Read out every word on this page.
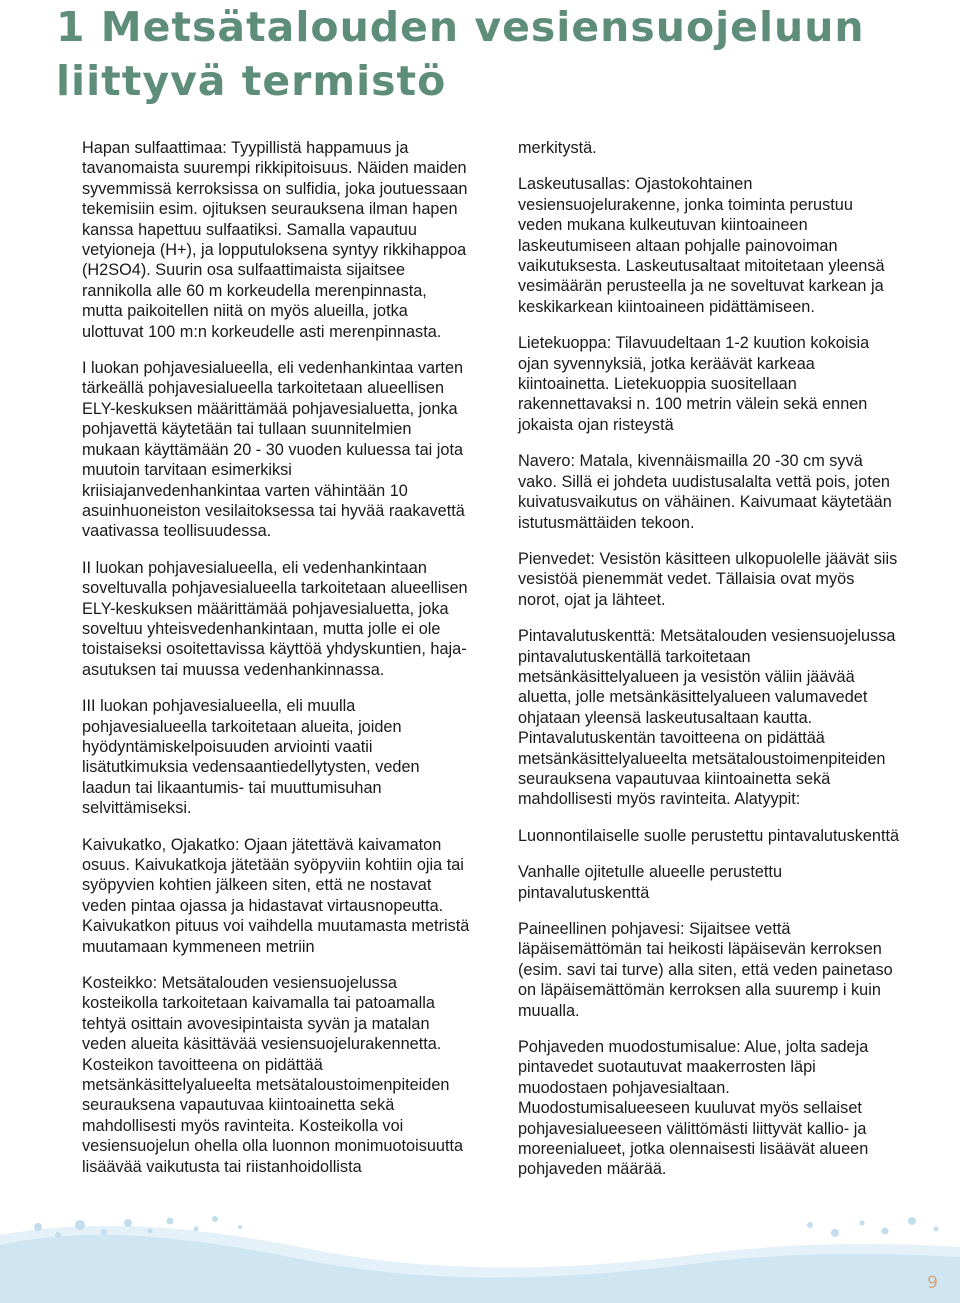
1 Metsätalouden vesiensuojeluun
liittyvä termistö

Hapan sulfaattimaa: Tyypillistä happamuus ja tavanomaista suurempi rikkipitoisuus. Näiden maiden syvemmissä kerroksissa on sulfidia, joka joutuessaan tekemisiin esim. ojituksen seurauksena ilman hapen kanssa hapettuu sulfaatiksi. Samalla vapautuu vetyioneja (H+), ja lopputuloksena syntyy rikkihappoa (H2SO4). Suurin osa sulfaattimaista sijaitsee rannikolla alle 60 m korkeudella merenpinnasta, mutta paikoitellen niitä on myös alueilla, jotka ulottuvat 100 m:n korkeudelle asti merenpinnasta.

I luokan pohjavesialueella, eli vedenhankintaa varten tärkeällä pohjavesialueella tarkoitetaan alueellisen ELY-keskuksen määrittämää pohjavesialuetta, jonka pohjavettä käytetään tai tullaan suunnitelmien mukaan käyttämään 20 - 30 vuoden kuluessa tai jota muutoin tarvitaan esimerkiksi kriisiajanvedenhankintaa varten vähintään 10 asuinhuoneiston vesilaitoksessa tai hyvää raakavettä vaativassa teollisuudessa.

II luokan pohjavesialueella, eli vedenhankintaan soveltuvalla pohjavesialueella tarkoitetaan alueellisen ELY-keskuksen määrittämää pohjavesialuetta, joka soveltuu yhteisvedenhankintaan, mutta jolle ei ole toistaiseksi osoitettavissa käyttöä yhdyskuntien, haja-asutuksen tai muussa vedenhankinnassa.

III luokan pohjavesialueella, eli muulla pohjavesialueella tarkoitetaan alueita, joiden hyödyntämiskelpoisuuden arviointi vaatii lisätutkimuksia vedensaantiedellytysten, veden laadun tai likaantumis- tai muuttumisuhan selvittämiseksi.

Kaivukatko, Ojakatko: Ojaan jätettävä kaivamaton osuus. Kaivukatkoja jätetään syöpyviin kohtiin ojia tai syöpyvien kohtien jälkeen siten, että ne nostavat veden pintaa ojassa ja hidastavat virtausnopeutta. Kaivukatkon pituus voi vaihdella muutamasta metristä muutamaan kymmeneen metriin

Kosteikko: Metsätalouden vesiensuojelussa kosteikolla tarkoitetaan kaivamalla tai patoamalla tehtyä osittain avovesipintaista syvän ja matalan veden alueita käsittävää vesiensuojelurakennetta. Kosteikon tavoitteena on pidättää metsänkäsittelyalueelta metsätaloustoimenpiteiden seurauksena vapautuvaa kiintoainetta sekä mahdollisesti myös ravinteita. Kosteikolla voi vesiensuojelun ohella olla luonnon monimuotoisuutta lisäävää vaikutusta tai riistanhoidollista

merkitystä.

Laskeutusallas: Ojastokohtainen vesiensuojelurakenne, jonka toiminta perustuu veden mukana kulkeutuvan kiintoaineen laskeutumiseen altaan pohjalle painovoiman vaikutuksesta. Laskeutusaltaat mitoitetaan yleensä vesimäärän perusteella ja ne soveltuvat karkean ja keskikarkean kiintoaineen pidättämiseen.

Lietekuoppa: Tilavuudeltaan 1-2 kuution kokoisia ojan syvennyksiä, jotka keräävät karkeaa kiintoainetta. Lietekuoppia suositellaan rakennettavaksi n. 100 metrin välein sekä ennen jokaista ojan risteystä

Navero: Matala, kivennäismailla 20 -30 cm syvä vako. Sillä ei johdeta uudistusalalta vettä pois, joten kuivatusvaikutus on vähäinen. Kaivumaat käytetään istutusmättäiden tekoon.

Pienvedet: Vesistön käsitteen ulkopuolelle jäävät siis vesistöä pienemmät vedet. Tällaisia ovat myös norot, ojat ja lähteet.

Pintavalutuskenttä: Metsätalouden vesiensuojelussa pintavalutuskentällä tarkoitetaan metsänkäsittelyalueen ja vesistön väliin jäävää aluetta, jolle metsänkäsittelyalueen valumavedet ohjataan yleensä laskeutusaltaan kautta. Pintavalutuskentän tavoitteena on pidättää metsänkäsittelyalueelta metsätaloustoimenpiteiden seurauksena vapautuvaa kiintoainetta sekä mahdollisesti myös ravinteita. Alatyypit:

Luonnontilaiselle suolle perustettu pintavalutuskenttä

Vanhalle ojitetulle alueelle perustettu pintavalutuskenttä

Paineellinen pohjavesi: Sijaitsee vettä läpäisemättömän tai heikosti läpäisevän kerroksen (esim. savi tai turve) alla siten, että veden painetaso on läpäisemättömän kerroksen alla suuremp i kuin muualla.

Pohjaveden muodostumisalue: Alue, jolta sadeja pintavedet suotautuvat maakerrosten läpi muodostaen pohjavesialtaan. Muodostumisalueeseen kuuluvat myös sellaiset pohjavesialueeseen välittömästi liittyvät kallio- ja moreenialueet, jotka olennaisesti lisäävät alueen pohjaveden määrää.

9
